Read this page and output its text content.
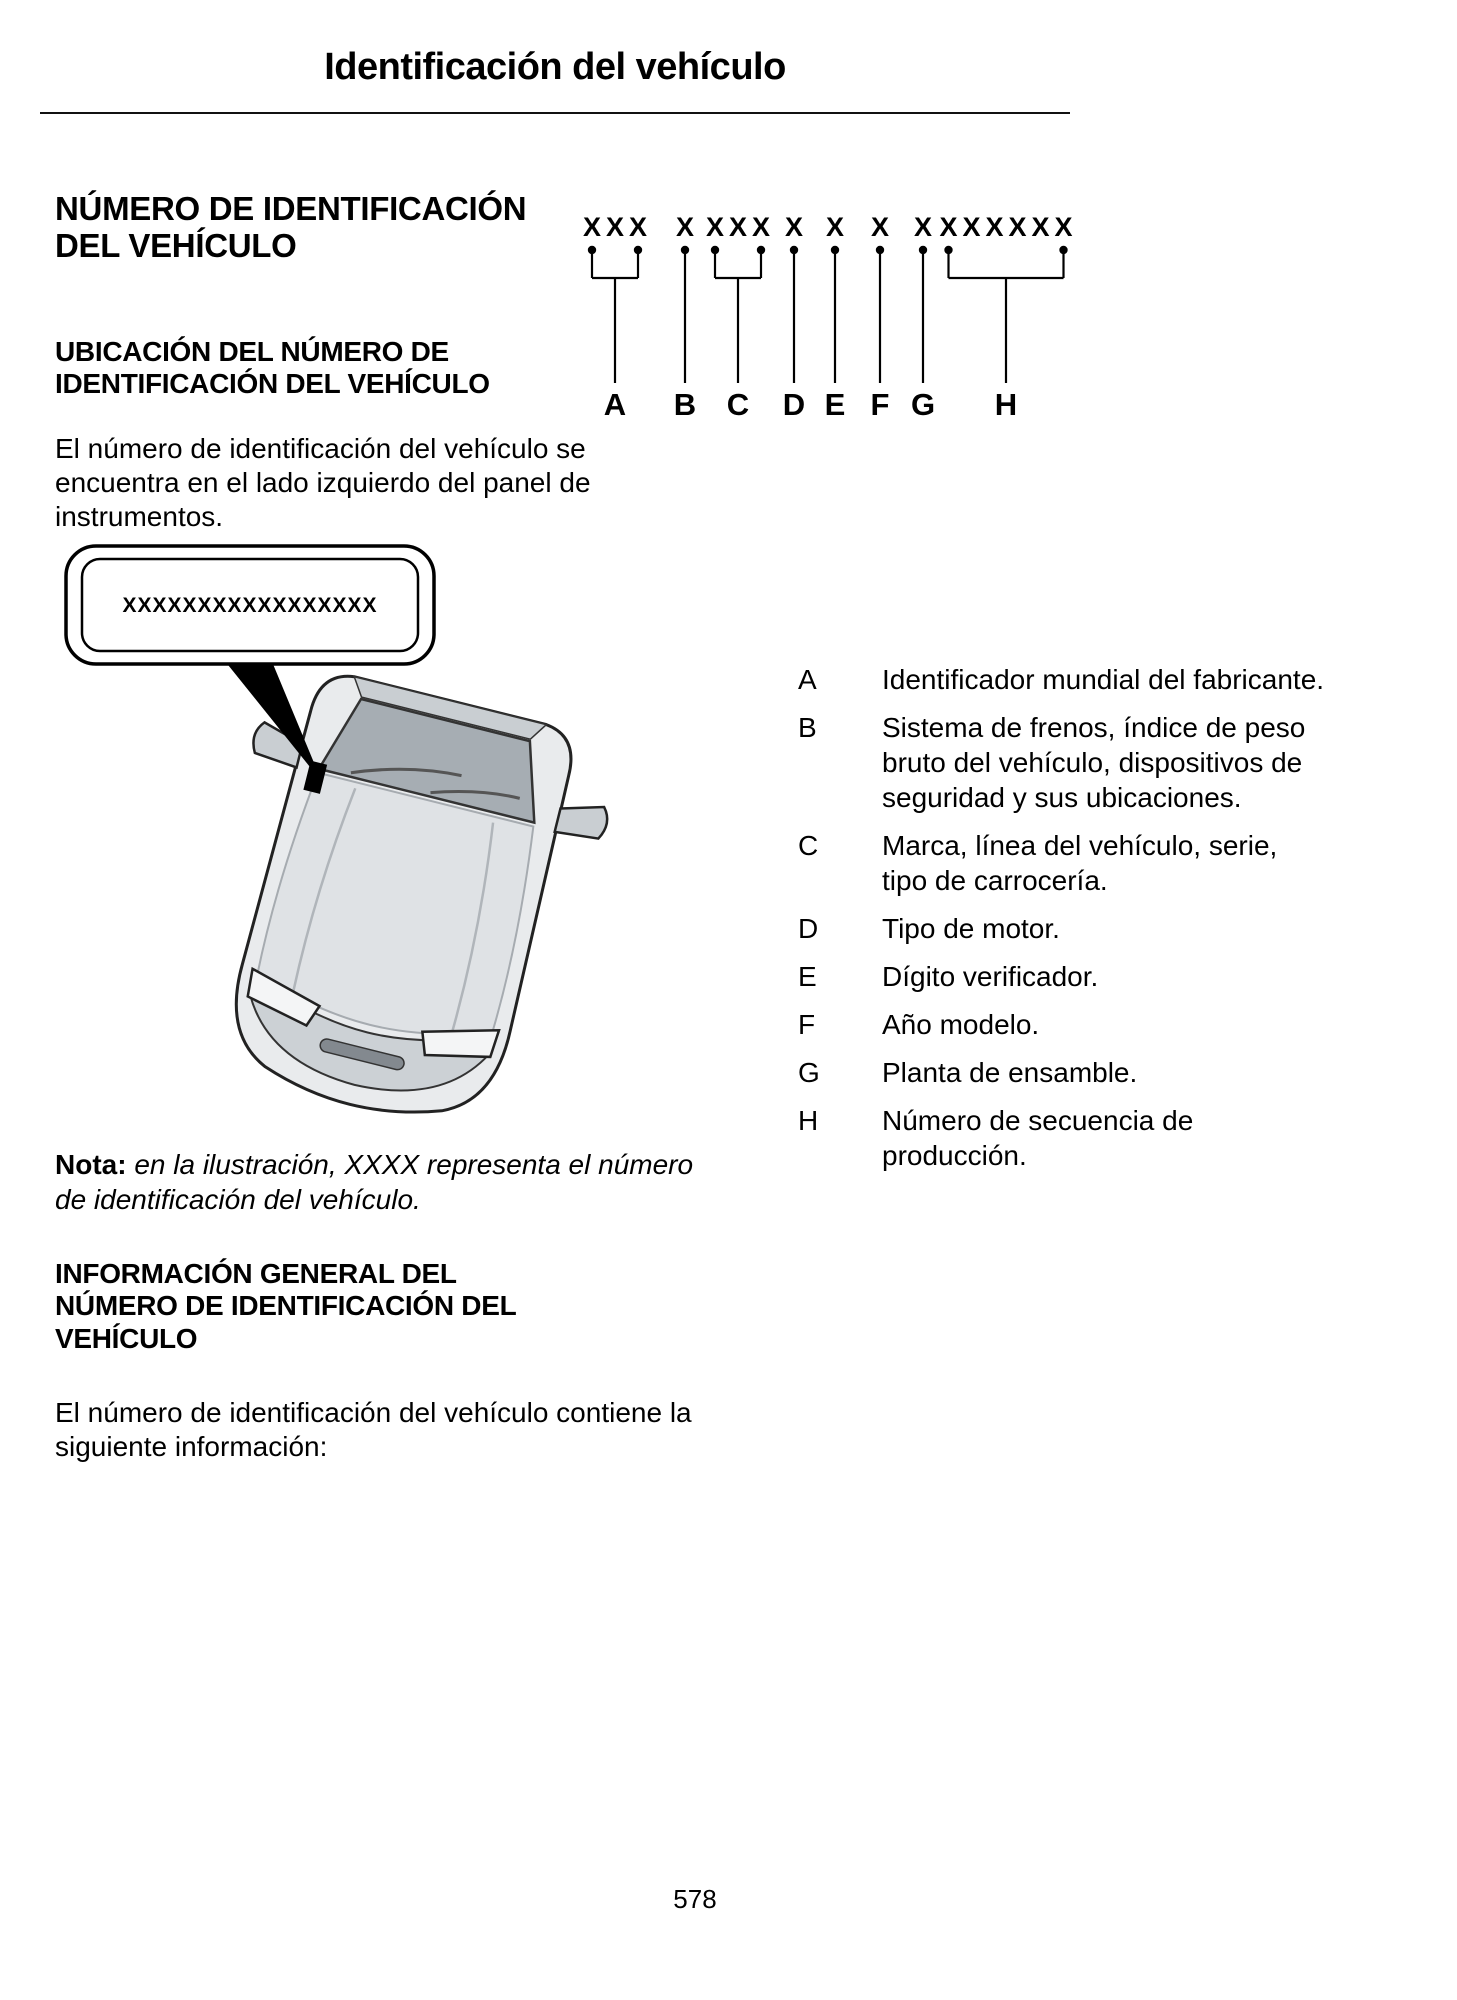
Identificación del vehículo
NÚMERO DE IDENTIFICACIÓN DEL VEHÍCULO
UBICACIÓN DEL NÚMERO DE IDENTIFICACIÓN DEL VEHÍCULO

El número de identificación del vehículo se encuentra en el lado izquierdo del panel de instrumentos.

XXXXXXXXXXXXXXXXX

Nota: en la ilustración, XXXX representa el número de identificación del vehículo.

INFORMACIÓN GENERAL DEL NÚMERO DE IDENTIFICACIÓN DEL VEHÍCULO

El número de identificación del vehículo contiene la siguiente información:

X X X
A
X
B
X X X
C
X
D
X
E
X
F
X
G
X X X X X X
H
A	Identificador mundial del fabricante.
B	Sistema de frenos, índice de peso bruto del vehículo, dispositivos de seguridad y sus ubicaciones.
C	Marca, línea del vehículo, serie, tipo de carrocería.
D	Tipo de motor.
E	Dígito verificador.
F	Año modelo.
G	Planta de ensamble.
H	Número de secuencia de producción.
578
